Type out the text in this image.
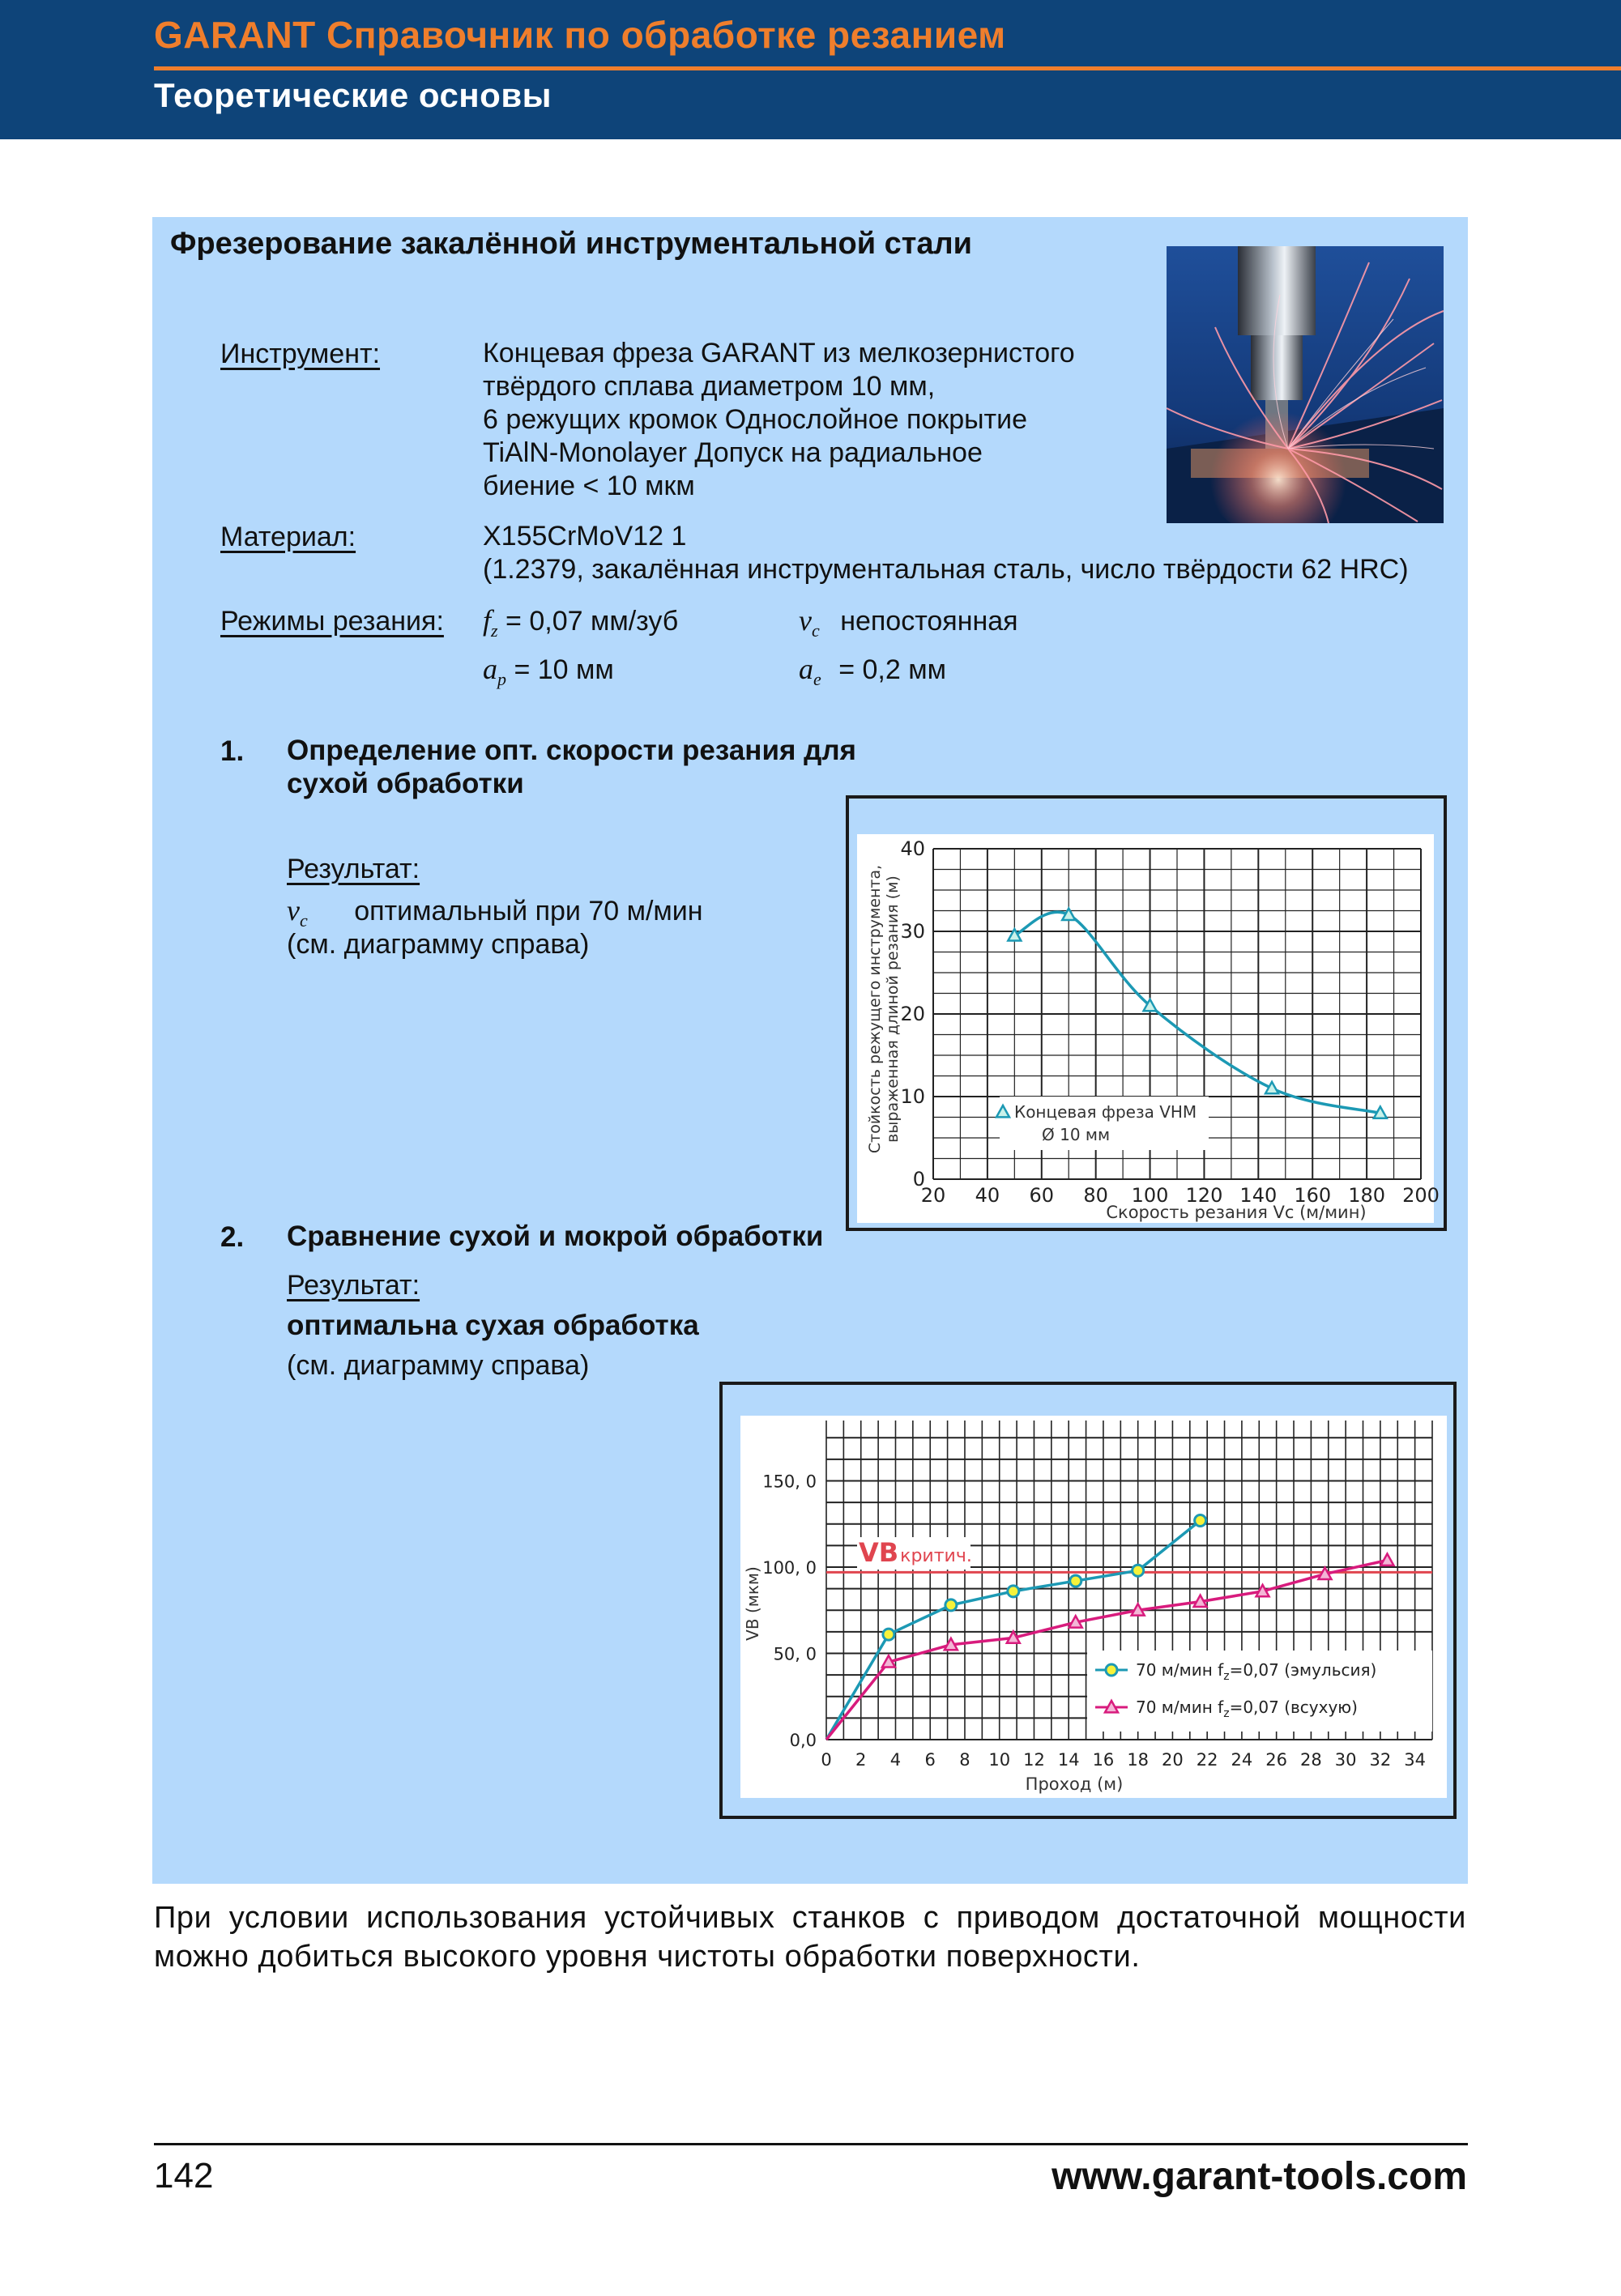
GARANT Справочник по обработке резанием
Теоретические основы
Фрезерование закалённой инструментальной стали
Инструмент:	Концевая фреза GARANT из мелкозернистого
твёрдого сплава диаметром 10 мм,
6 режущих кромок Однослойное покрытие
TiAlN-Monolayer Допуск на радиальное
биение < 10 мкм
Материал:	X155CrMoV12 1
(1.2379, закалённая инструментальная сталь, число твёрдости 62 HRC)
Режимы резания: $f_z = 0,07$ мм/зуб	$v_c$ непостоянная
$a_p = 10$ мм	$a_e = 0,2$ мм
1. Определение опт. скорости резания для
сухой обработки
Результат:
$v_c$ оптимальный при 70 м/мин
(см. диаграмму справа)
0
10
20
30
40
20 40 60 80 100 120 140 160 180 200
Стойкость режущего инструмента, выраженная длиной резания (м)
Скорость резания Vc (м/мин)
Концевая фреза VHM
Ø 10 мм
2. Сравнение сухой и мокрой обработки
Результат:
оптимальна сухая обработка
(см. диаграмму справа)
0,0
50, 0
100, 0
150, 0
0 2 4 6 8 10 12 14 16 18 20 22 24 26 28 30 32 34
VB (мкм)
Проход (м)
VBкритич.
70 м/мин $f_z=0,07$ (эмульсия)
70 м/мин $f_z=0,07$ (всухую)
При условии использования устойчивых станков с приводом достаточной мощности можно добиться высокого уровня чистоты обработки поверхности.
142	www.garant-tools.com
